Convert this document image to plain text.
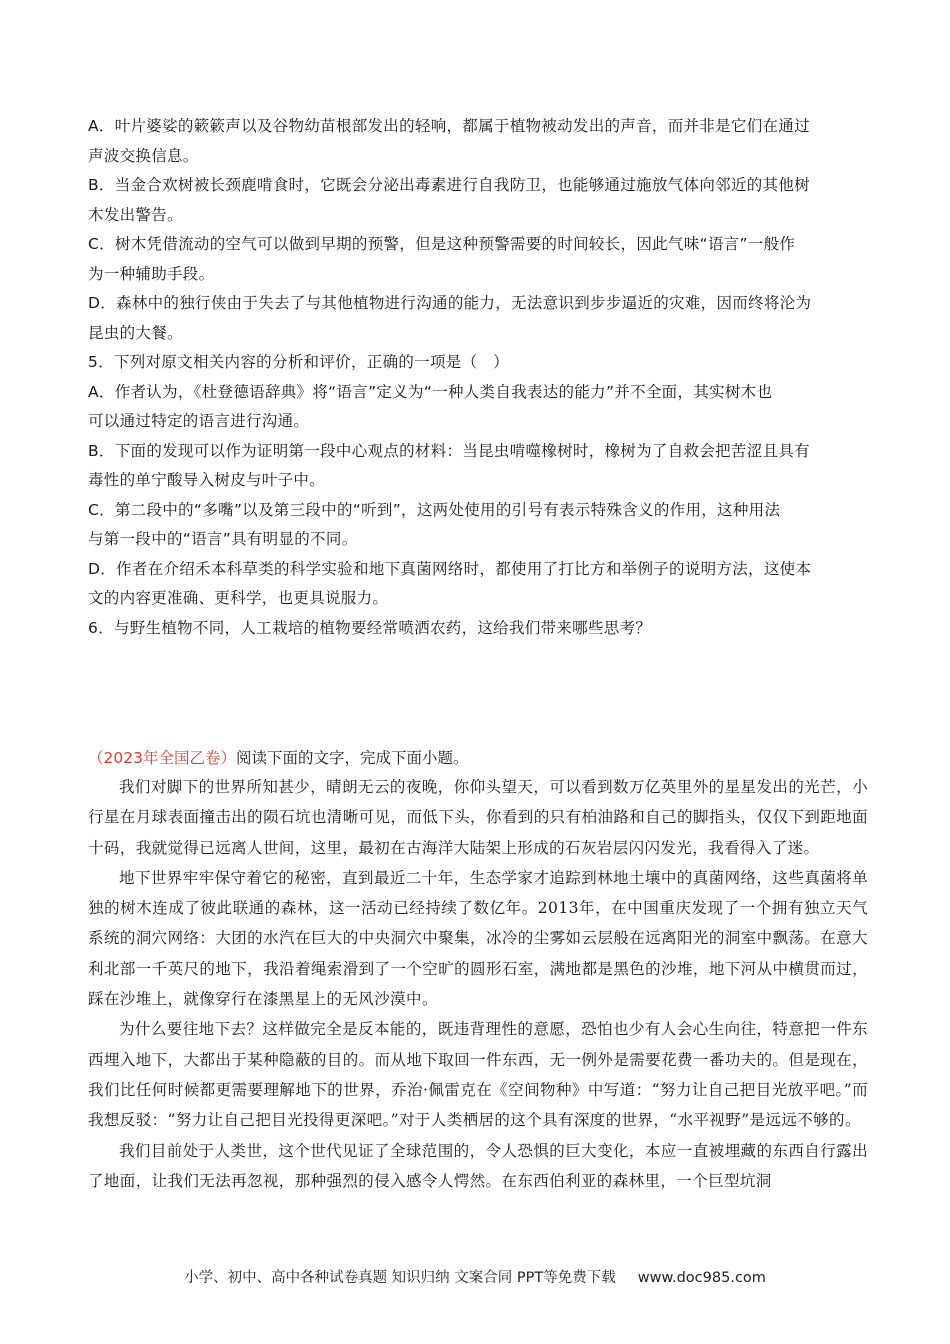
A．叶片婆娑的簌簌声以及谷物幼苗根部发出的轻响，都属于植物被动发出的声音，而并非是它们在通过

声波交换信息。

B．当金合欢树被长颈鹿啃食时，它既会分泌出毒素进行自我防卫，也能够通过施放气体向邻近的其他树

木发出警告。

C．树木凭借流动的空气可以做到早期的预警，但是这种预警需要的时间较长，因此气味“语言”一般作

为一种辅助手段。

D．森林中的独行侠由于失去了与其他植物进行沟通的能力，无法意识到步步逼近的灾难，因而终将沦为

昆虫的大餐。

5．下列对原文相关内容的分析和评价，正确的一项是（　）

A．作者认为，《杜登德语辞典》将“语言”定义为“一种人类自我表达的能力”并不全面，其实树木也

可以通过特定的语言进行沟通。

B．下面的发现可以作为证明第一段中心观点的材料：当昆虫啃噬橡树时，橡树为了自救会把苦涩且具有

毒性的单宁酸导入树皮与叶子中。

C．第二段中的“多嘴”以及第三段中的“听到”，这两处使用的引号有表示特殊含义的作用，这种用法

与第一段中的“语言”具有明显的不同。

D．作者在介绍禾本科草类的科学实验和地下真菌网络时，都使用了打比方和举例子的说明方法，这使本

文的内容更准确、更科学，也更具说服力。

6．与野生植物不同，人工栽培的植物要经常喷洒农药，这给我们带来哪些思考？

（2023年全国乙卷）阅读下面的文字，完成下面小题。

我们对脚下的世界所知甚少，晴朗无云的夜晚，你仰头望天，可以看到数万亿英里外的星星发出的光芒，小行星在月球表面撞击出的陨石坑也清晰可见，而低下头，你看到的只有柏油路和自己的脚指头，仅仅下到距地面十码，我就觉得已远离人世间，这里，最初在古海洋大陆架上形成的石灰岩层闪闪发光，我看得入了迷。

地下世界牢牢保守着它的秘密，直到最近二十年，生态学家才追踪到林地土壤中的真菌网络，这些真菌将单独的树木连成了彼此联通的森林，这一活动已经持续了数亿年。2013年，在中国重庆发现了一个拥有独立天气系统的洞穴网络：大团的水汽在巨大的中央洞穴中聚集，冰冷的尘雾如云层般在远离阳光的洞室中飘荡。在意大利北部一千英尺的地下，我沿着绳索滑到了一个空旷的圆形石室，满地都是黑色的沙堆，地下河从中横贯而过，踩在沙堆上，就像穿行在漆黑星上的无风沙漠中。

为什么要往地下去？这样做完全是反本能的，既违背理性的意愿，恐怕也少有人会心生向往，特意把一件东西埋入地下，大都出于某种隐蔽的目的。而从地下取回一件东西，无一例外是需要花费一番功夫的。但是现在，我们比任何时候都更需要理解地下的世界，乔治·佩雷克在《空间物种》中写道：“努力让自己把目光放平吧。”而我想反驳：“努力让自己把目光投得更深吧。”对于人类栖居的这个具有深度的世界，“水平视野”是远远不够的。

我们目前处于人类世，这个世代见证了全球范围的，令人恐惧的巨大变化，本应一直被埋藏的东西自行露出了地面，让我们无法再忽视，那种强烈的侵入感令人愕然。在东西伯利亚的森林里，一个巨型坑洞

小学、初中、高中各种试卷真题 知识归纳 文案合同 PPT等免费下载 www.doc985.com
